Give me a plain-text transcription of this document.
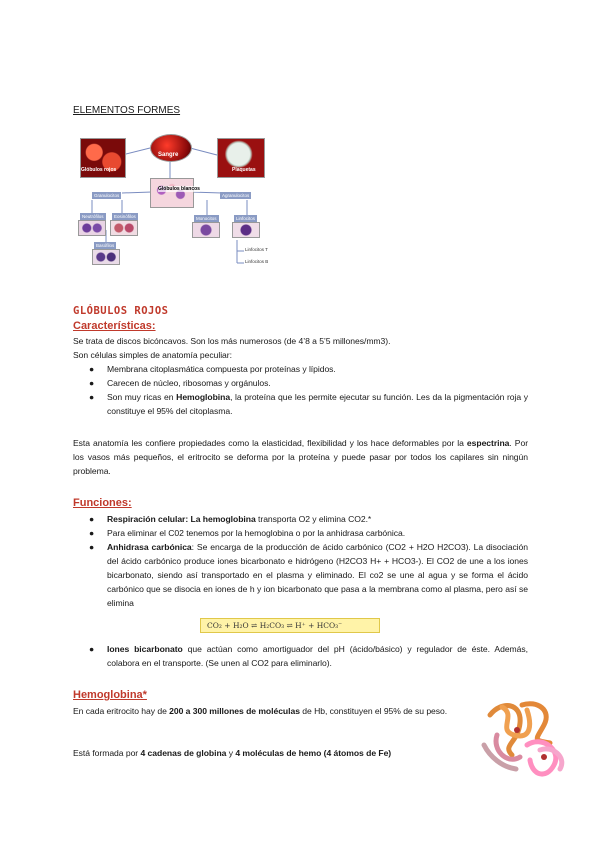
ELEMENTOS FORMES
Sangre
Glóbulos rojos	Plaquetas
Glóbulos blancos
Granulocitos	Agranulocitos
Neutrófilos	Eosinófilos
Basófilos
Monocitos	Linfocitos
Linfocitos T
Linfocitos B
GLÓBULOS ROJOS
Características:
Se trata de discos bicóncavos. Son los más numerosos (de 4’8 a 5’5 millones/mm3).
Son células simples de anatomía peculiar:
● Membrana citoplasmática compuesta por proteínas y lípidos.
● Carecen de núcleo, ribosomas y orgánulos.
● Son muy ricas en Hemoglobina, la proteína que les permite ejecutar su función. Les da la pigmentación roja y constituye el 95% del citoplasma.
Esta anatomía les confiere propiedades como la elasticidad, flexibilidad y los hace deformables por la espectrina. Por los vasos más pequeños, el eritrocito se deforma por la proteína y puede pasar por todos los capilares sin ningún problema.
Funciones:
● Respiración celular: La hemoglobina transporta O2 y elimina CO2.*
● Para eliminar el C02 tenemos por la hemoglobina o por la anhidrasa carbónica.
● Anhidrasa carbónica: Se encarga de la producción de ácido carbónico (CO2 + H2O H2CO3). La disociación del ácido carbónico produce iones bicarbonato e hidrógeno (H2CO3 H+ + HCO3-). El CO2 de une a los iones bicarbonato, siendo así transportado en el plasma y eliminado. El co2 se une al agua y se forma el ácido carbónico que se disocia en iones de h y ion bicarbonato que pasa a la membrana como al plasma, pero así se elimina
CO₂ + H₂O ⇌ H₂CO₃ ⇌ H⁺ + HCO₃⁻
● Iones bicarbonato que actúan como amortiguador del pH (ácido/básico) y regulador de éste. Además, colabora en el transporte. (Se unen al CO2 para eliminarlo).
Hemoglobina*
En cada eritrocito hay de 200 a 300 millones de moléculas de Hb, constituyen el 95% de su peso.
Está formada por 4 cadenas de globina y 4 moléculas de hemo (4 átomos de Fe)
